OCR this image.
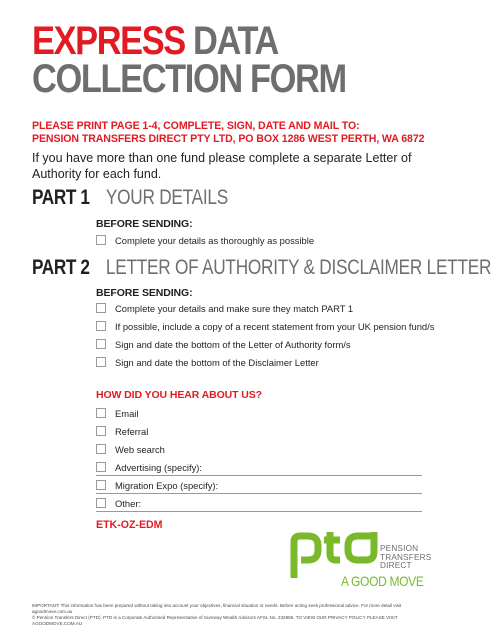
EXPRESS DATA
COLLECTION FORM
PLEASE PRINT PAGE 1-4, COMPLETE, SIGN, DATE AND MAIL TO:
PENSION TRANSFERS DIRECT PTY LTD, PO BOX 1286 WEST PERTH, WA 6872
If you have more than one fund please complete a separate Letter of Authority for each fund.
PART 1 YOUR DETAILS
BEFORE SENDING:
Complete your details as thoroughly as possible
PART 2 LETTER OF AUTHORITY & DISCLAIMER LETTER
BEFORE SENDING:
Complete your details and make sure they match PART 1
If possible, include a copy of a recent statement from your UK pension fund/s
Sign and date the bottom of the Letter of Authority form/s
Sign and date the bottom of the Disclaimer Letter
HOW DID YOU HEAR ABOUT US?
Email
Referral
Web search
Advertising (specify):
Migration Expo (specify):
Other:
ETK-OZ-EDM
PENSION
TRANSFERS
DIRECT
A GOOD MOVE
IMPORTANT: This information has been prepared without taking into account your objectives, financial situation or needs. Before acting seek professional advice. For more detail visit agoodmove.com.au
© Pension Transfers Direct (PTD). PTD is a Corporate Authorised Representative of Sureway Wealth Advisors AFSL No. 232986. TO VIEW OUR PRIVACY POLICY PLEASE VISIT AGOODMOVE.COM.AU
